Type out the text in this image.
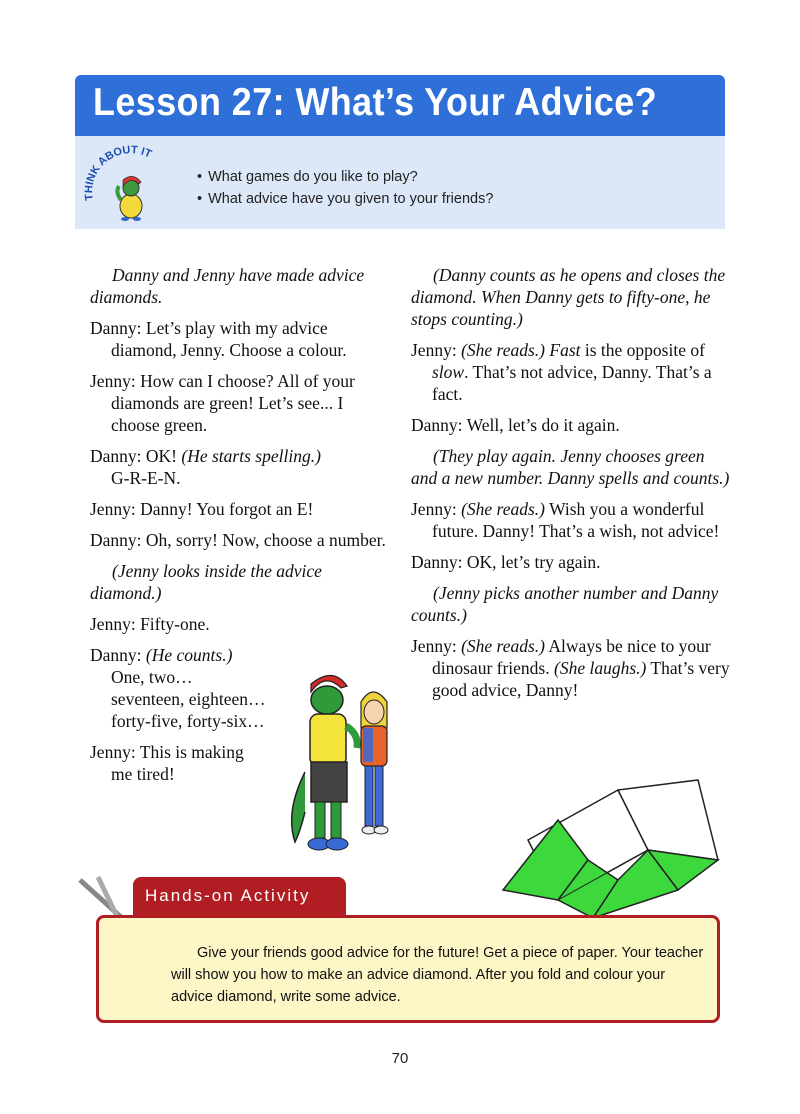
Lesson 27: What’s Your Advice?
THINK ABOUT IT
• What games do you like to play?
• What advice have you given to your friends?

Danny and Jenny have made advice diamonds.

Danny: Let’s play with my advice diamond, Jenny. Choose a colour.

Jenny: How can I choose? All of your diamonds are green! Let’s see... I choose green.

Danny: OK! (He starts spelling.)
G-R-E-N.

Jenny: Danny! You forgot an E!

Danny: Oh, sorry! Now, choose a number.

(Jenny looks inside the advice diamond.)

Jenny: Fifty-one.

Danny: (He counts.)
One, two…
seventeen, eighteen…
forty-five, forty-six…

Jenny: This is making
me tired!

(Danny counts as he opens and closes the diamond. When Danny gets to fifty-one, he stops counting.)

Jenny: (She reads.) Fast is the opposite of slow. That’s not advice, Danny. That’s a fact.

Danny: Well, let’s do it again.

(They play again. Jenny chooses green and a new number. Danny spells and counts.)

Jenny: (She reads.) Wish you a wonderful future. Danny! That’s a wish, not advice!

Danny: OK, let’s try again.

(Jenny picks another number and Danny counts.)

Jenny: (She reads.) Always be nice to your dinosaur friends. (She laughs.) That’s very good advice, Danny!

Hands-on Activity

Give your friends good advice for the future! Get a piece of paper. Your teacher will show you how to make an advice diamond. After you fold and colour your advice diamond, write some advice.

70
